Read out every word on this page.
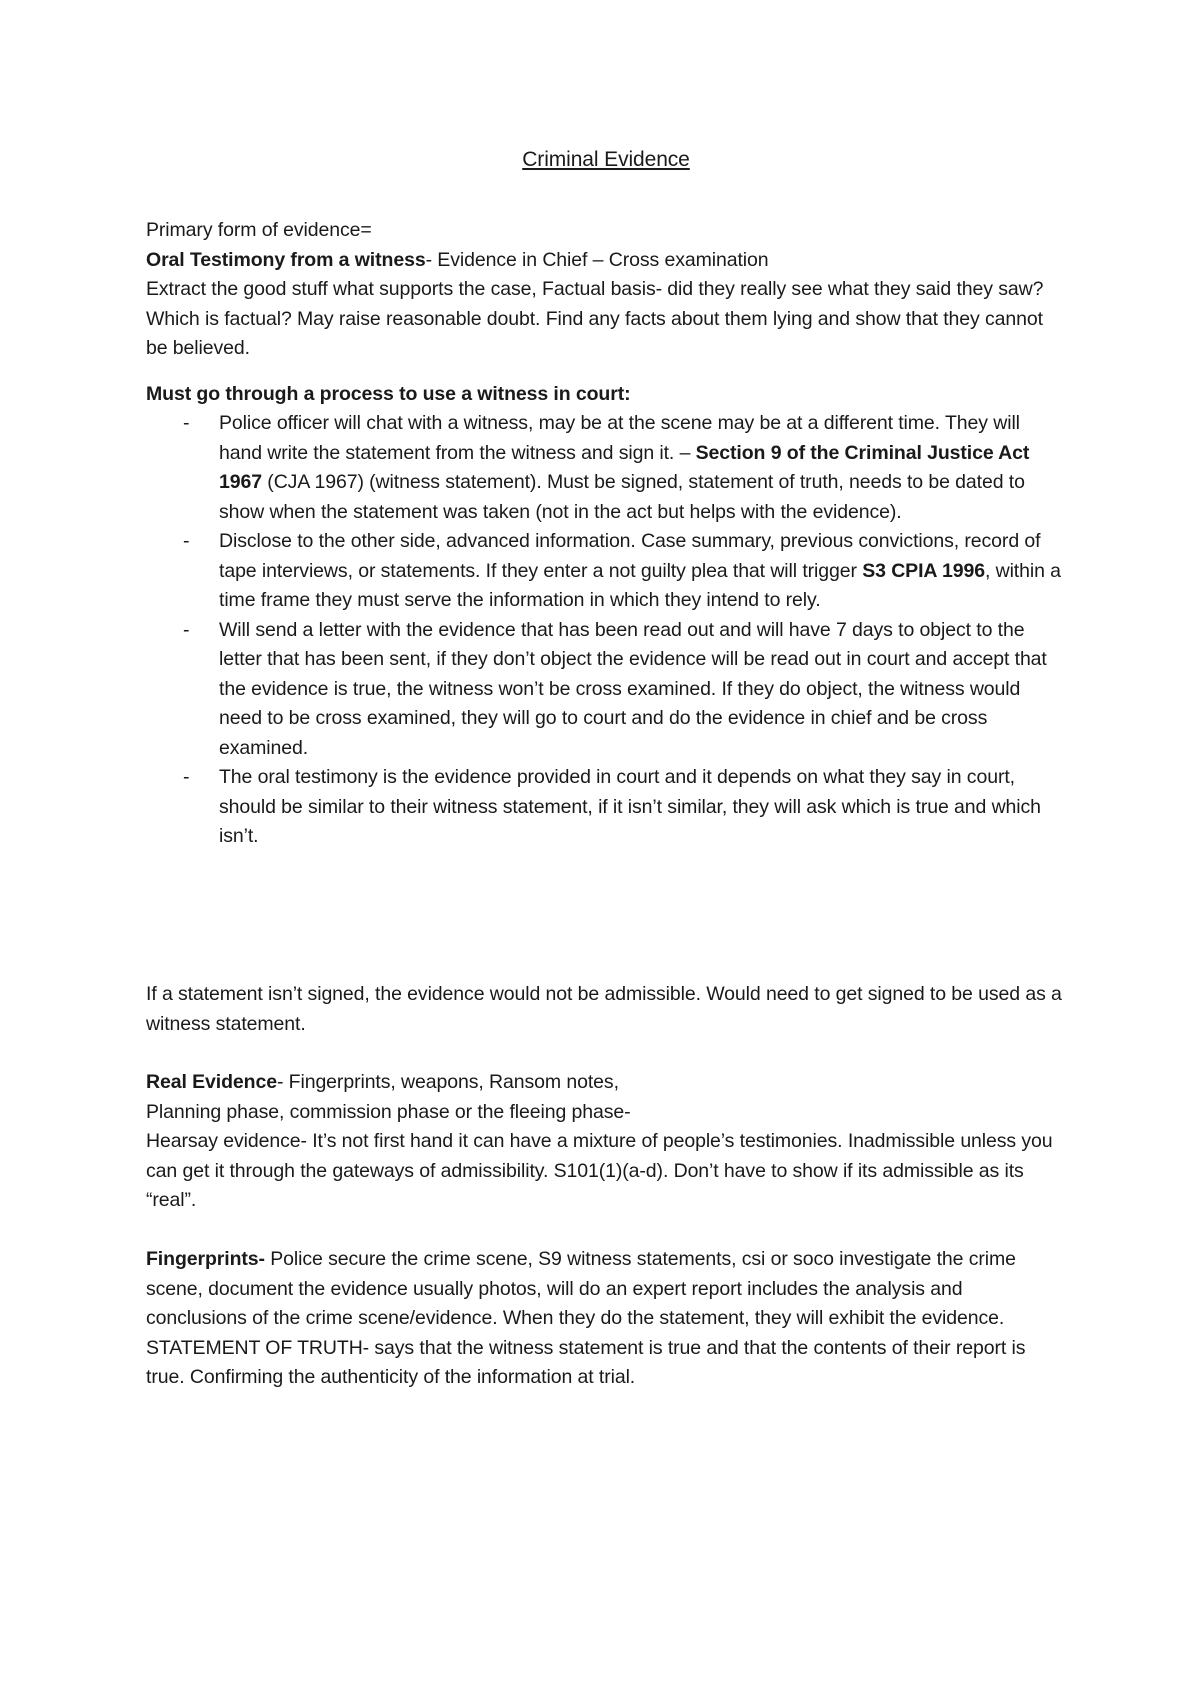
Criminal Evidence

Primary form of evidence=

Oral Testimony from a witness- Evidence in Chief – Cross examination

Extract the good stuff what supports the case, Factual basis- did they really see what they said they saw? Which is factual? May raise reasonable doubt. Find any facts about them lying and show that they cannot be believed.

Must go through a process to use a witness in court:

- Police officer will chat with a witness, may be at the scene may be at a different time. They will hand write the statement from the witness and sign it. – Section 9 of the Criminal Justice Act 1967 (CJA 1967) (witness statement). Must be signed, statement of truth, needs to be dated to show when the statement was taken (not in the act but helps with the evidence).
- Disclose to the other side, advanced information. Case summary, previous convictions, record of tape interviews, or statements. If they enter a not guilty plea that will trigger S3 CPIA 1996, within a time frame they must serve the information in which they intend to rely.
- Will send a letter with the evidence that has been read out and will have 7 days to object to the letter that has been sent, if they don’t object the evidence will be read out in court and accept that the evidence is true, the witness won’t be cross examined. If they do object, the witness would need to be cross examined, they will go to court and do the evidence in chief and be cross examined.
- The oral testimony is the evidence provided in court and it depends on what they say in court, should be similar to their witness statement, if it isn’t similar, they will ask which is true and which isn’t.

If a statement isn’t signed, the evidence would not be admissible. Would need to get signed to be used as a witness statement.

Real Evidence- Fingerprints, weapons, Ransom notes,

Planning phase, commission phase or the fleeing phase-

Hearsay evidence- It’s not first hand it can have a mixture of people’s testimonies. Inadmissible unless you can get it through the gateways of admissibility. S101(1)(a-d). Don’t have to show if its admissible as its “real”.

Fingerprints- Police secure the crime scene, S9 witness statements, csi or soco investigate the crime scene, document the evidence usually photos, will do an expert report includes the analysis and conclusions of the crime scene/evidence. When they do the statement, they will exhibit the evidence. STATEMENT OF TRUTH- says that the witness statement is true and that the contents of their report is true. Confirming the authenticity of the information at trial.
